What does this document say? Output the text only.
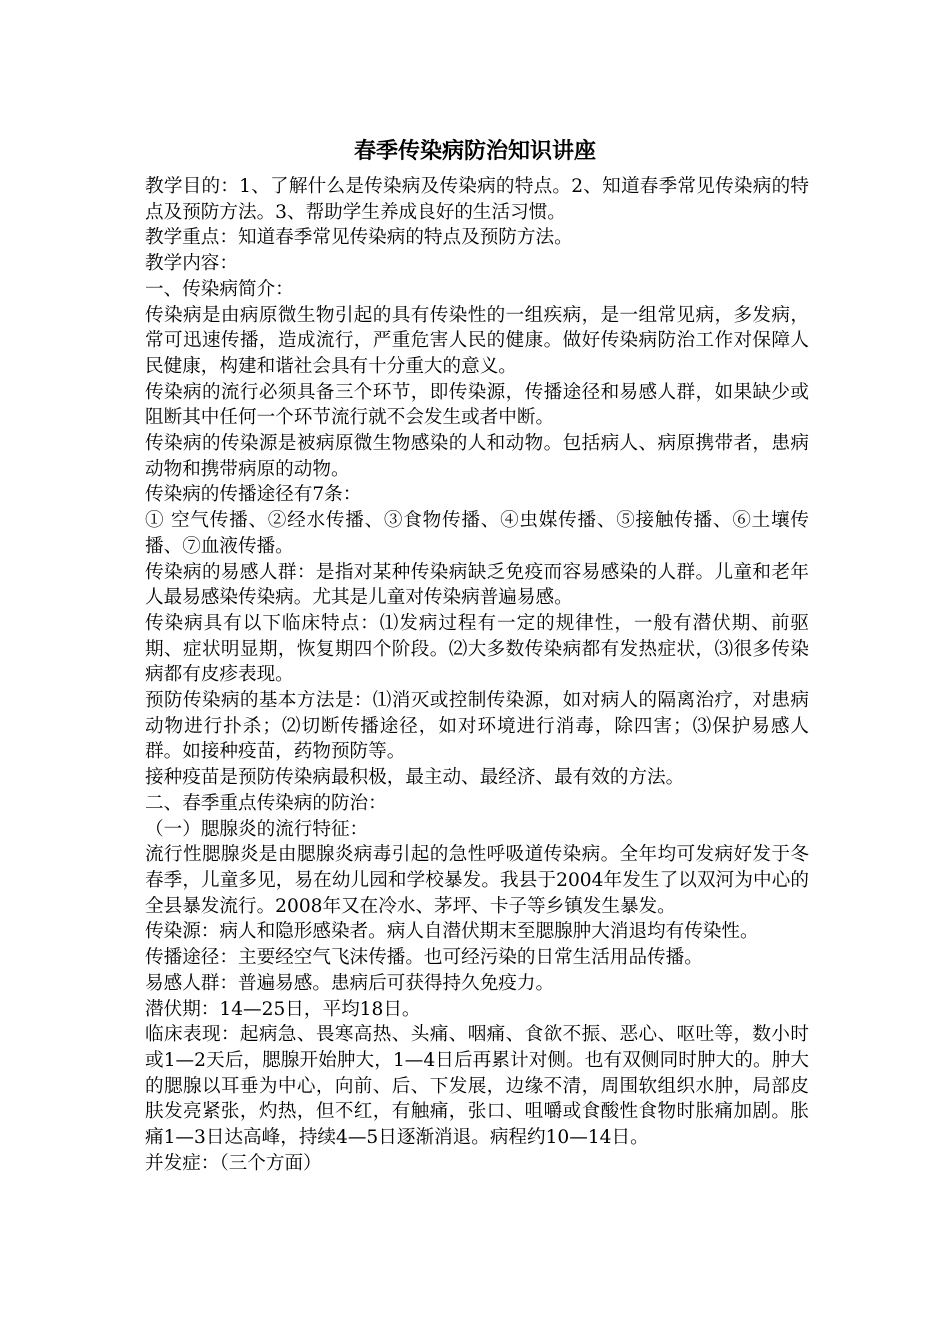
春季传染病防治知识讲座

教学目的：1、了解什么是传染病及传染病的特点。2、知道春季常见传染病的特点及预防方法。3、帮助学生养成良好的生活习惯。

教学重点：知道春季常见传染病的特点及预防方法。

教学内容：

一、传染病简介：

传染病是由病原微生物引起的具有传染性的一组疾病，是一组常见病，多发病，常可迅速传播，造成流行，严重危害人民的健康。做好传染病防治工作对保障人民健康，构建和谐社会具有十分重大的意义。

传染病的流行必须具备三个环节，即传染源，传播途径和易感人群，如果缺少或阻断其中任何一个环节流行就不会发生或者中断。

传染病的传染源是被病原微生物感染的人和动物。包括病人、病原携带者，患病动物和携带病原的动物。

传染病的传播途径有7条：

① 空气传播、②经水传播、③食物传播、④虫媒传播、⑤接触传播、⑥土壤传播、⑦血液传播。

传染病的易感人群：是指对某种传染病缺乏免疫而容易感染的人群。儿童和老年人最易感染传染病。尤其是儿童对传染病普遍易感。

传染病具有以下临床特点：⑴发病过程有一定的规律性，一般有潜伏期、前驱期、症状明显期，恢复期四个阶段。⑵大多数传染病都有发热症状，⑶很多传染病都有皮疹表现。

预防传染病的基本方法是：⑴消灭或控制传染源，如对病人的隔离治疗，对患病动物进行扑杀；⑵切断传播途径，如对环境进行消毒，除四害；⑶保护易感人群。如接种疫苗，药物预防等。

接种疫苗是预防传染病最积极，最主动、最经济、最有效的方法。

二、春季重点传染病的防治：

（一）腮腺炎的流行特征：

流行性腮腺炎是由腮腺炎病毒引起的急性呼吸道传染病。全年均可发病好发于冬春季，儿童多见，易在幼儿园和学校暴发。我县于2004年发生了以双河为中心的全县暴发流行。2008年又在冷水、茅坪、卡子等乡镇发生暴发。

传染源：病人和隐形感染者。病人自潜伏期末至腮腺肿大消退均有传染性。

传播途径：主要经空气飞沫传播。也可经污染的日常生活用品传播。

易感人群：普遍易感。患病后可获得持久免疫力。

潜伏期：14—25日，平均18日。

临床表现：起病急、畏寒高热、头痛、咽痛、食欲不振、恶心、呕吐等，数小时或1—2天后，腮腺开始肿大，1—4日后再累计对侧。也有双侧同时肿大的。肿大的腮腺以耳垂为中心，向前、后、下发展，边缘不清，周围软组织水肿，局部皮肤发亮紧张，灼热，但不红，有触痛，张口、咀嚼或食酸性食物时胀痛加剧。胀痛1—3日达高峰，持续4—5日逐渐消退。病程约10—14日。

并发症：（三个方面）
